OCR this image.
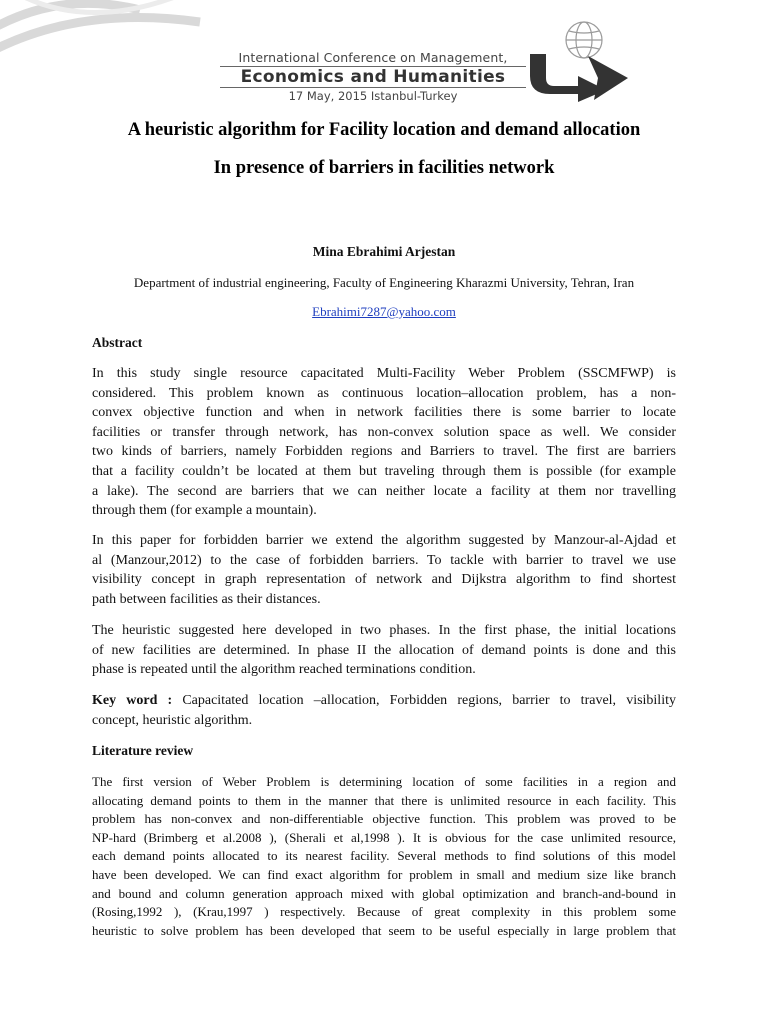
International Conference on Management,
Economics and Humanities
17 May, 2015 Istanbul-Turkey
A heuristic algorithm for Facility location and demand allocation
In presence of barriers in facilities network
Mina Ebrahimi Arjestan
Department of industrial engineering, Faculty of Engineering Kharazmi University, Tehran, Iran
Ebrahimi7287@yahoo.com
Abstract
In this study single resource capacitated Multi-Facility Weber Problem (SSCMFWP) is
considered. This problem known as continuous location–allocation problem, has a non-
convex objective function and when in network facilities there is some barrier to locate
facilities or transfer through network, has non-convex solution space as well. We consider
two kinds of barriers, namely Forbidden regions and Barriers to travel. The first are barriers
that a facility couldn’t be located at them but traveling through them is possible (for example
a lake). The second are barriers that we can neither locate a facility at them nor travelling
through them (for example a mountain).
In this paper for forbidden barrier we extend the algorithm suggested by Manzour-al-Ajdad et
al (Manzour,2012) to the case of forbidden barriers. To tackle with barrier to travel we use
visibility concept in graph representation of network and Dijkstra algorithm to find shortest
path between facilities as their distances.
The heuristic suggested here developed in two phases. In the first phase, the initial locations
of new facilities are determined. In phase II the allocation of demand points is done and this
phase is repeated until the algorithm reached terminations condition.
Key word : Capacitated location –allocation, Forbidden regions, barrier to travel, visibility
concept, heuristic algorithm.
Literature review
The first version of Weber Problem is determining location of some facilities in a region and
allocating demand points to them in the manner that there is unlimited resource in each facility. This
problem has non-convex and non-differentiable objective function. This problem was proved to be
NP-hard (Brimberg et al.2008 ), (Sherali et al,1998 ). It is obvious for the case unlimited resource,
each demand points allocated to its nearest facility. Several methods to find solutions of this model
have been developed. We can find exact algorithm for problem in small and medium size like branch
and bound and column generation approach mixed with global optimization and branch-and-bound in
(Rosing,1992 ), (Krau,1997 ) respectively. Because of great complexity in this problem some
heuristic to solve problem has been developed that seem to be useful especially in large problem that
